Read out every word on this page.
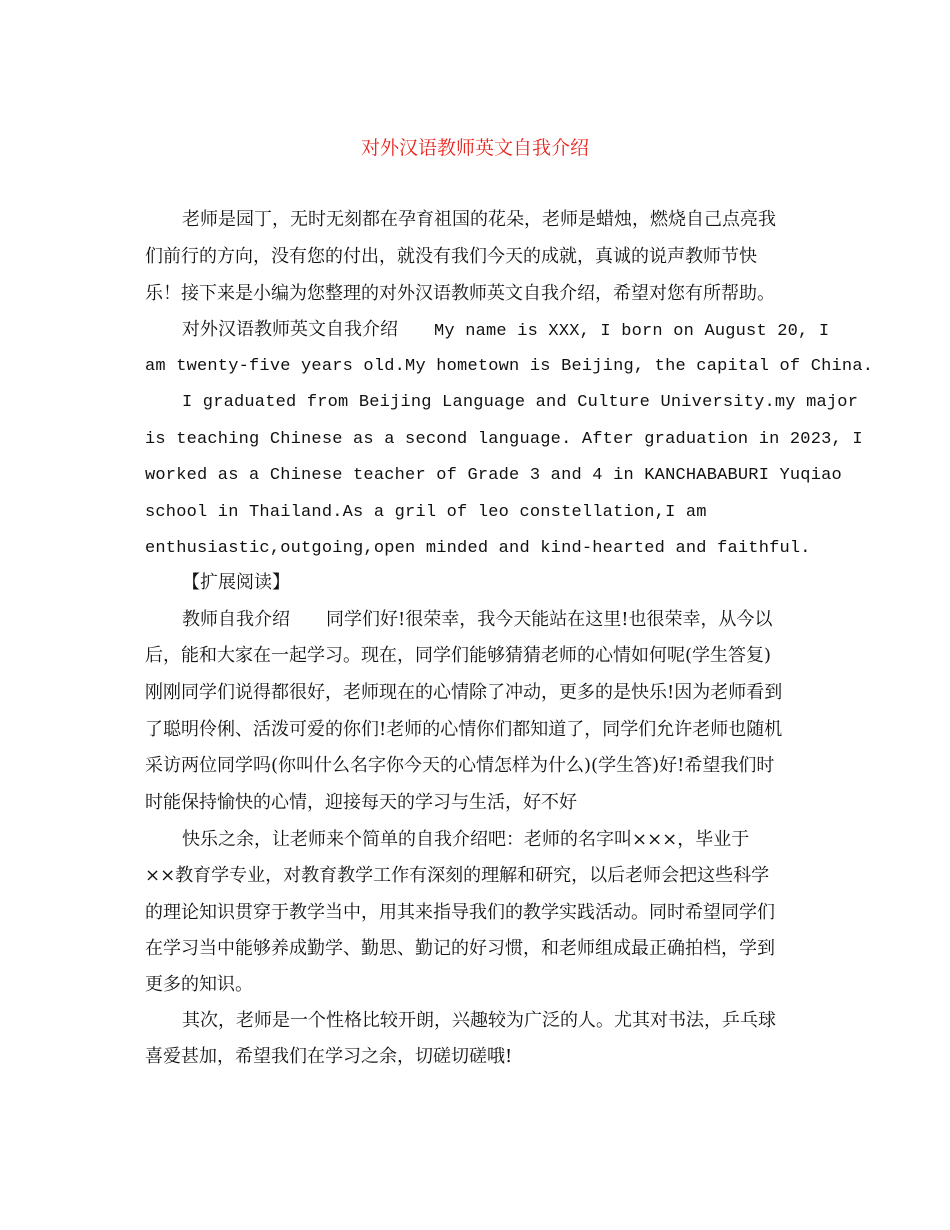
对外汉语教师英文自我介绍
老师是园丁，无时无刻都在孕育祖国的花朵，老师是蜡烛，燃烧自己点亮我
们前行的方向，没有您的付出，就没有我们今天的成就，真诚的说声教师节快
乐！接下来是小编为您整理的对外汉语教师英文自我介绍，希望对您有所帮助。
对外汉语教师英文自我介绍 My name is XXX, I born on August 20, I
am twenty-five years old.My hometown is Beijing, the capital of China.
I graduated from Beijing Language and Culture University.my major
is teaching Chinese as a second language. After graduation in 2023, I
worked as a Chinese teacher of Grade 3 and 4 in KANCHABABURI Yuqiao
school in Thailand.As a gril of leo constellation,I am
enthusiastic,outgoing,open minded and kind-hearted and faithful.
【扩展阅读】
教师自我介绍 同学们好!很荣幸，我今天能站在这里!也很荣幸，从今以
后，能和大家在一起学习。现在，同学们能够猜猜老师的心情如何呢(学生答复)
刚刚同学们说得都很好，老师现在的心情除了冲动，更多的是快乐!因为老师看到
了聪明伶俐、活泼可爱的你们!老师的心情你们都知道了，同学们允许老师也随机
采访两位同学吗(你叫什么名字你今天的心情怎样为什么)(学生答)好!希望我们时
时能保持愉快的心情，迎接每天的学习与生活，好不好
快乐之余，让老师来个简单的自我介绍吧：老师的名字叫×××，毕业于
××教育学专业，对教育教学工作有深刻的理解和研究，以后老师会把这些科学
的理论知识贯穿于教学当中，用其来指导我们的教学实践活动。同时希望同学们
在学习当中能够养成勤学、勤思、勤记的好习惯，和老师组成最正确拍档，学到
更多的知识。
其次，老师是一个性格比较开朗，兴趣较为广泛的人。尤其对书法，乒乓球
喜爱甚加，希望我们在学习之余，切磋切磋哦!
